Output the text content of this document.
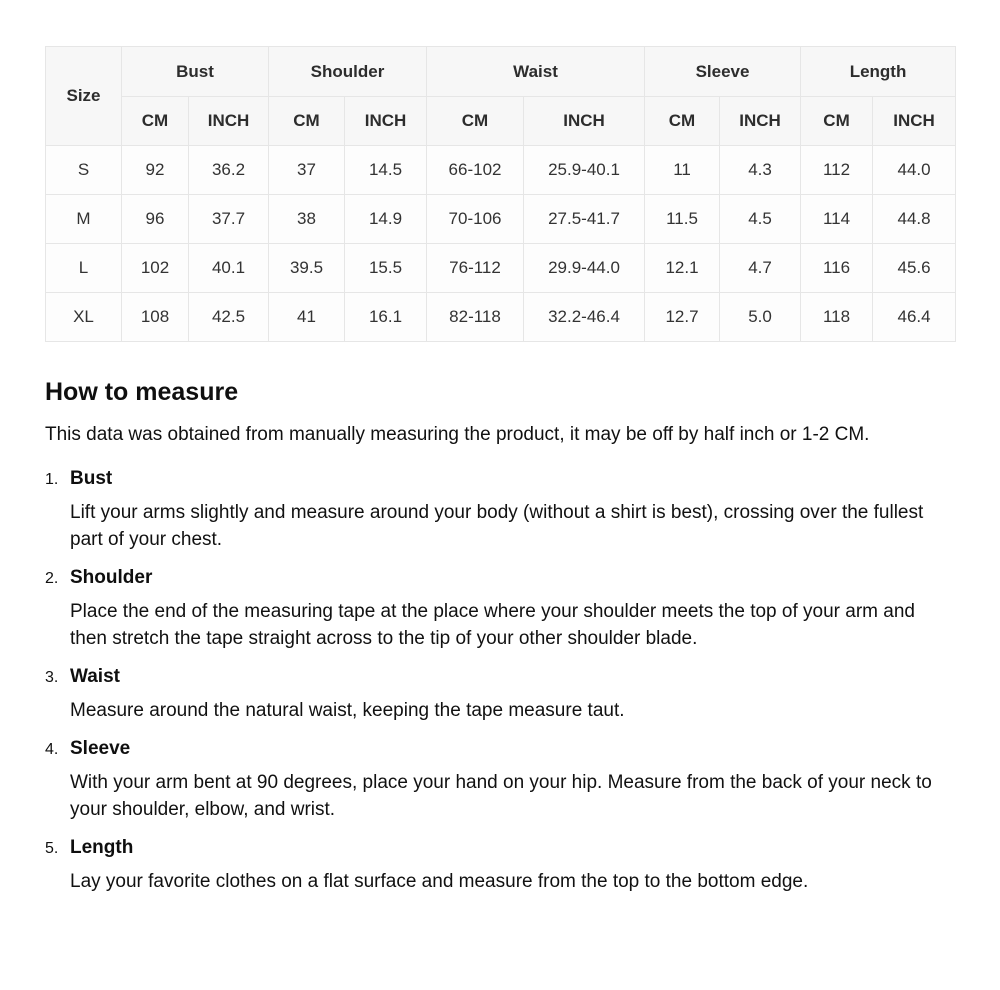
Size	Bust		Shoulder		Waist		Sleeve		Length	
	CM	INCH	CM	INCH	CM	INCH	CM	INCH	CM	INCH
S	92	36.2	37	14.5	66-102	25.9-40.1	11	4.3	112	44.0
M	96	37.7	38	14.9	70-106	27.5-41.7	11.5	4.5	114	44.8
L	102	40.1	39.5	15.5	76-112	29.9-44.0	12.1	4.7	116	45.6
XL	108	42.5	41	16.1	82-118	32.2-46.4	12.7	5.0	118	46.4
How to measure

This data was obtained from manually measuring the product, it may be off by half inch or 1-2 CM.

1. Bust

Lift your arms slightly and measure around your body (without a shirt is best), crossing over the fullest part of your chest.

2. Shoulder

Place the end of the measuring tape at the place where your shoulder meets the top of your arm and then stretch the tape straight across to the tip of your other shoulder blade.

3. Waist

Measure around the natural waist, keeping the tape measure taut.

4. Sleeve

With your arm bent at 90 degrees, place your hand on your hip. Measure from the back of your neck to your shoulder, elbow, and wrist.

5. Length

Lay your favorite clothes on a flat surface and measure from the top to the bottom edge.
